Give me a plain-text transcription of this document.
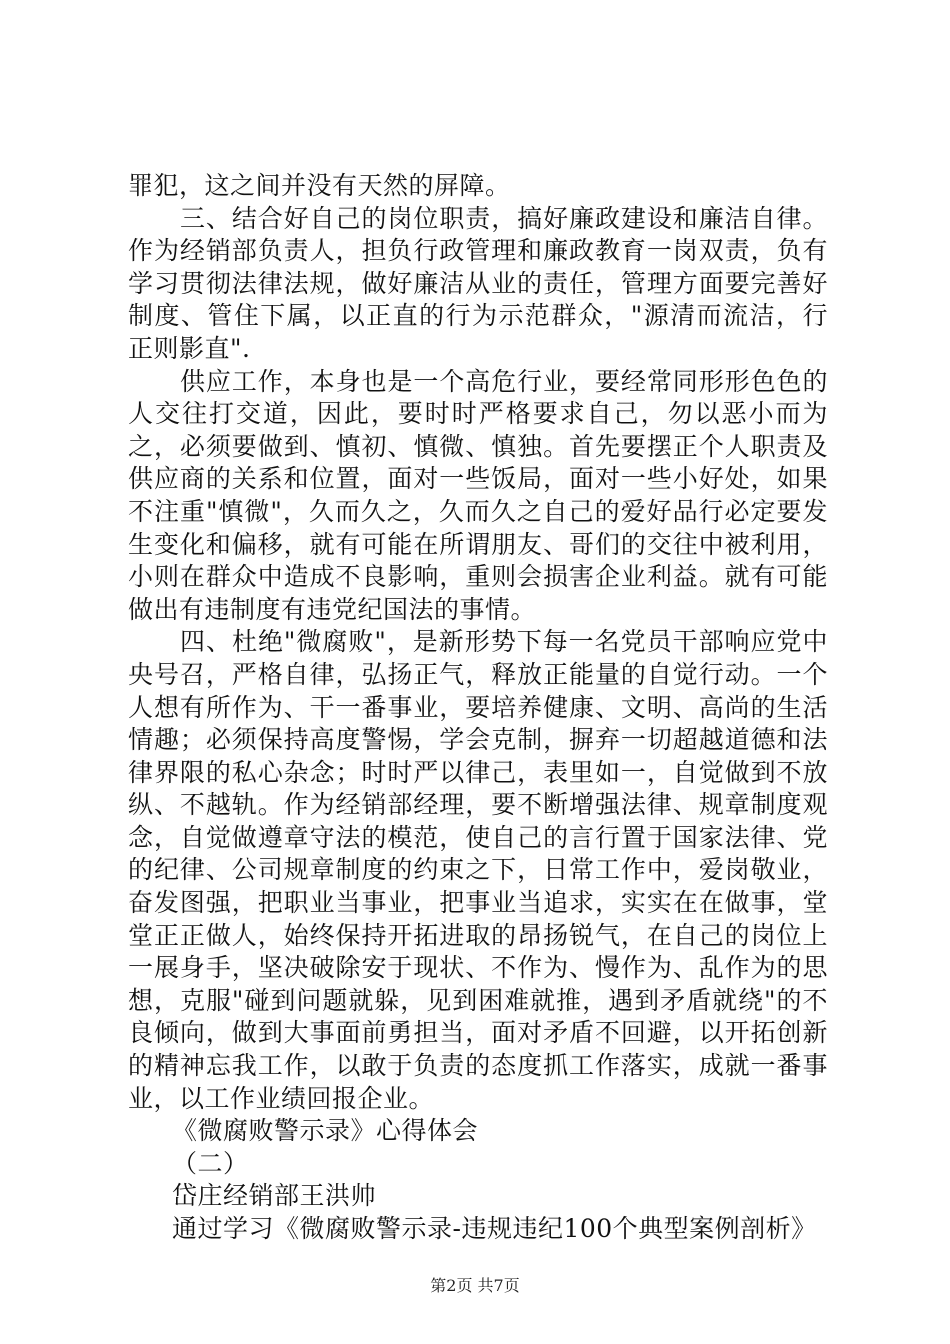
罪犯，这之间并没有天然的屏障。

三、结合好自己的岗位职责，搞好廉政建设和廉洁自律。作为经销部负责人，担负行政管理和廉政教育一岗双责，负有学习贯彻法律法规，做好廉洁从业的责任，管理方面要完善好制度、管住下属，以正直的行为示范群众，"源清而流洁，行正则影直".

供应工作，本身也是一个高危行业，要经常同形形色色的人交往打交道，因此，要时时严格要求自己，勿以恶小而为之，必须要做到、慎初、慎微、慎独。首先要摆正个人职责及供应商的关系和位置，面对一些饭局，面对一些小好处，如果不注重"慎微"，久而久之，久而久之自己的爱好品行必定要发生变化和偏移，就有可能在所谓朋友、哥们的交往中被利用，小则在群众中造成不良影响，重则会损害企业利益。就有可能做出有违制度有违党纪国法的事情。

四、杜绝"微腐败"，是新形势下每一名党员干部响应党中央号召，严格自律，弘扬正气，释放正能量的自觉行动。一个人想有所作为、干一番事业，要培养健康、文明、高尚的生活情趣；必须保持高度警惕，学会克制，摒弃一切超越道德和法律界限的私心杂念；时时严以律己，表里如一，自觉做到不放纵、不越轨。作为经销部经理，要不断增强法律、规章制度观念，自觉做遵章守法的模范，使自己的言行置于国家法律、党的纪律、公司规章制度的约束之下，日常工作中，爱岗敬业，奋发图强，把职业当事业，把事业当追求，实实在在做事，堂堂正正做人，始终保持开拓进取的昂扬锐气，在自己的岗位上一展身手，坚决破除安于现状、不作为、慢作为、乱作为的思想，克服"碰到问题就躲，见到困难就推，遇到矛盾就绕"的不良倾向，做到大事面前勇担当，面对矛盾不回避，以开拓创新的精神忘我工作，以敢于负责的态度抓工作落实，成就一番事业，以工作业绩回报企业。

《微腐败警示录》心得体会

（二）

岱庄经销部王洪帅

通过学习《微腐败警示录-违规违纪100个典型案例剖析》

第2页 共7页
